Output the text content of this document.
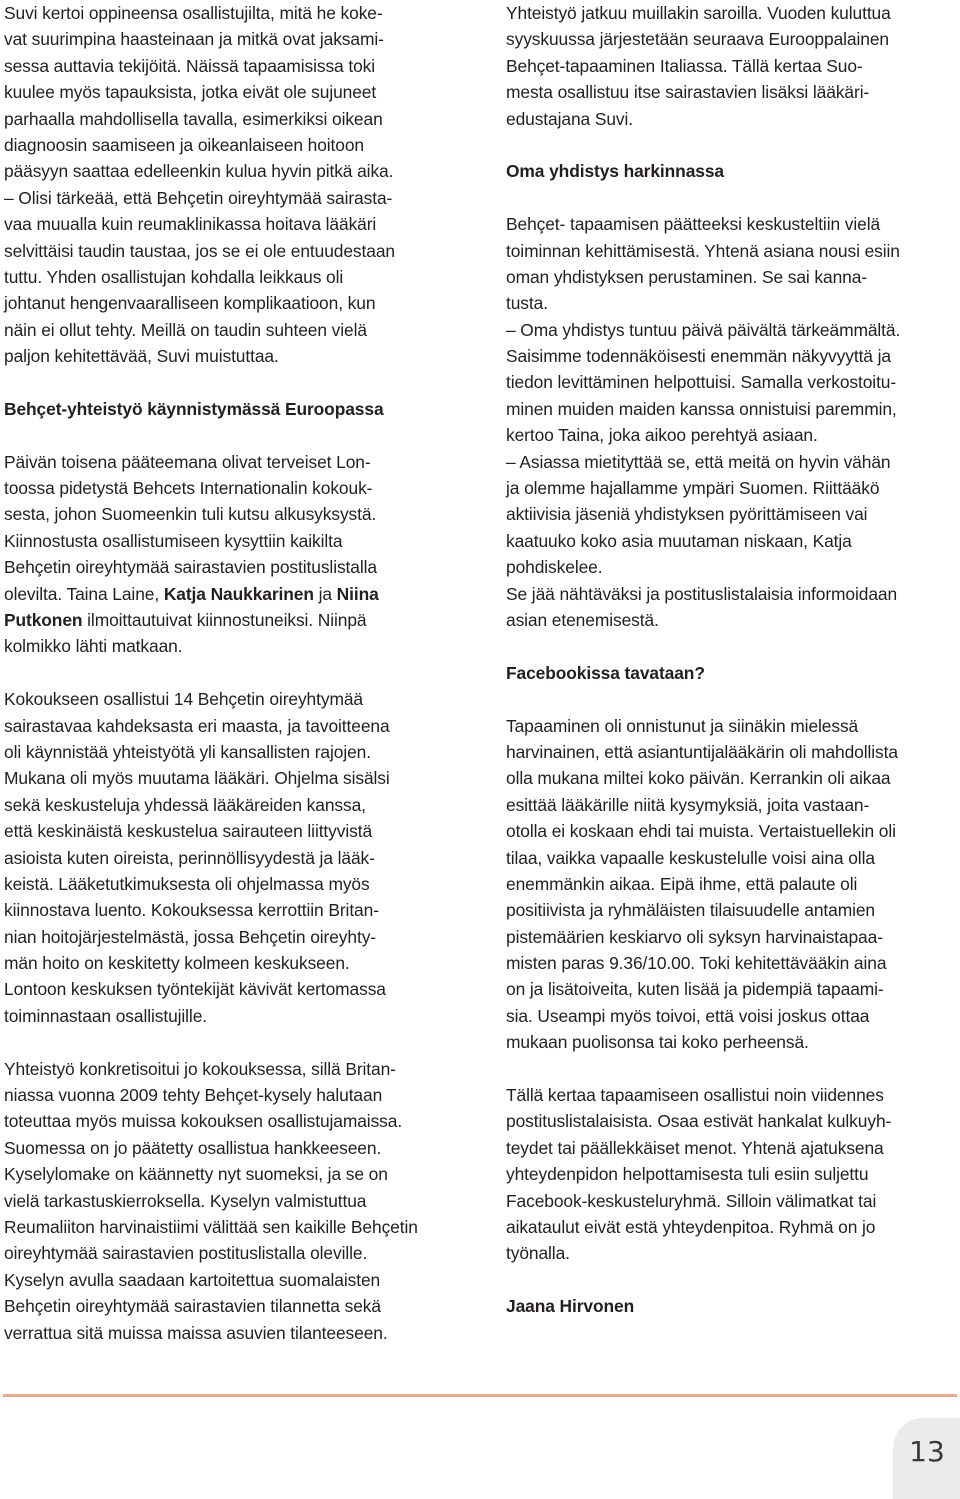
Suvi kertoi oppineensa osallistujilta, mitä he koke-
vat suurimpina haasteinaan ja mitkä ovat jaksami-
sessa auttavia tekijöitä. Näissä tapaamisissa toki
kuulee myös tapauksista, jotka eivät ole sujuneet
parhaalla mahdollisella tavalla, esimerkiksi oikean
diagnoosin saamiseen ja oikeanlaiseen hoitoon
pääsyyn saattaa edelleenkin kulua hyvin pitkä aika.
– Olisi tärkeää, että Behçetin oireyhtymää sairasta-
vaa muualla kuin reumaklinikassa hoitava lääkäri
selvittäisi taudin taustaa, jos se ei ole entuudestaan
tuttu. Yhden osallistujan kohdalla leikkaus oli
johtanut hengenvaaralliseen komplikaatioon, kun
näin ei ollut tehty. Meillä on taudin suhteen vielä
paljon kehitettävää, Suvi muistuttaa.
Behçet-yhteistyö käynnistymässä Euroopassa
Päivän toisena pääteemana olivat terveiset Lon-
toossa pidetystä Behcets Internationalin kokouk-
sesta, johon Suomeenkin tuli kutsu alkusyksystä.
Kiinnostusta osallistumiseen kysyttiin kaikilta
Behçetin oireyhtymää sairastavien postituslistalla
olevilta. Taina Laine, Katja Naukkarinen ja Niina
Putkonen ilmoittautuivat kiinnostuneiksi. Niinpä
kolmikko lähti matkaan.
Kokoukseen osallistui 14 Behçetin oireyhtymää
sairastavaa kahdeksasta eri maasta, ja tavoitteena
oli käynnistää yhteistyötä yli kansallisten rajojen.
Mukana oli myös muutama lääkäri. Ohjelma sisälsi
sekä keskusteluja yhdessä lääkäreiden kanssa,
että keskinäistä keskustelua sairauteen liittyvistä
asioista kuten oireista, perinnöllisyydestä ja lääk-
keistä. Lääketutkimuksesta oli ohjelmassa myös
kiinnostava luento. Kokouksessa kerrottiin Britan-
nian hoitojärjestelmästä, jossa Behçetin oireyhty-
män hoito on keskitetty kolmeen keskukseen.
Lontoon keskuksen työntekijät kävivät kertomassa
toiminnastaan osallistujille.
Yhteistyö konkretisoitui jo kokouksessa, sillä Britan-
niassa vuonna 2009 tehty Behçet-kysely halutaan
toteuttaa myös muissa kokouksen osallistujamaissa.
Suomessa on jo päätetty osallistua hankkeeseen.
Kyselylomake on käännetty nyt suomeksi, ja se on
vielä tarkastuskierroksella. Kyselyn valmistuttua
Reumaliiton harvinaistiimi välittää sen kaikille Behçetin
oireyhtymää sairastavien postituslistalla oleville.
Kyselyn avulla saadaan kartoitettua suomalaisten
Behçetin oireyhtymää sairastavien tilannetta sekä
verrattua sitä muissa maissa asuvien tilanteeseen.
Yhteistyö jatkuu muillakin saroilla. Vuoden kuluttua
syyskuussa järjestetään seuraava Eurooppalainen
Behçet-tapaaminen Italiassa. Tällä kertaa Suo-
mesta osallistuu itse sairastavien lisäksi lääkäri-
edustajana Suvi.
Oma yhdistys harkinnassa
Behçet- tapaamisen päätteeksi keskusteltiin vielä
toiminnan kehittämisestä. Yhtenä asiana nousi esiin
oman yhdistyksen perustaminen. Se sai kanna-
tusta.
– Oma yhdistys tuntuu päivä päivältä tärkeämmältä.
Saisimme todennäköisesti enemmän näkyvyyttä ja
tiedon levittäminen helpottuisi. Samalla verkostoitu-
minen muiden maiden kanssa onnistuisi paremmin,
kertoo Taina, joka aikoo perehtyä asiaan.
– Asiassa mietityttää se, että meitä on hyvin vähän
ja olemme hajallamme ympäri Suomen. Riittääkö
aktiivisia jäseniä yhdistyksen pyörittämiseen vai
kaatuuko koko asia muutaman niskaan, Katja
pohdiskelee.
Se jää nähtäväksi ja postituslistalaisia informoidaan
asian etenemisestä.
Facebookissa tavataan?
Tapaaminen oli onnistunut ja siinäkin mielessä
harvinainen, että asiantuntijalääkärin oli mahdollista
olla mukana miltei koko päivän. Kerrankin oli aikaa
esittää lääkärille niitä kysymyksiä, joita vastaan-
otolla ei koskaan ehdi tai muista. Vertaistuellekin oli
tilaa, vaikka vapaalle keskustelulle voisi aina olla
enemmänkin aikaa. Eipä ihme, että palaute oli
positiivista ja ryhmäläisten tilaisuudelle antamien
pistemäärien keskiarvo oli syksyn harvinaistapaa-
misten paras 9.36/10.00. Toki kehitettävääkin aina
on ja lisätoiveita, kuten lisää ja pidempiä tapaami-
sia. Useampi myös toivoi, että voisi joskus ottaa
mukaan puolisonsa tai koko perheensä.
Tällä kertaa tapaamiseen osallistui noin viidennes
postituslistalaisista. Osaa estivät hankalat kulkuyh-
teydet tai päällekkäiset menot. Yhtenä ajatuksena
yhteydenpidon helpottamisesta tuli esiin suljettu
Facebook-keskusteluryhmä. Silloin välimatkat tai
aikataulut eivät estä yhteydenpitoa. Ryhmä on jo
työnalla.
Jaana Hirvonen
13
